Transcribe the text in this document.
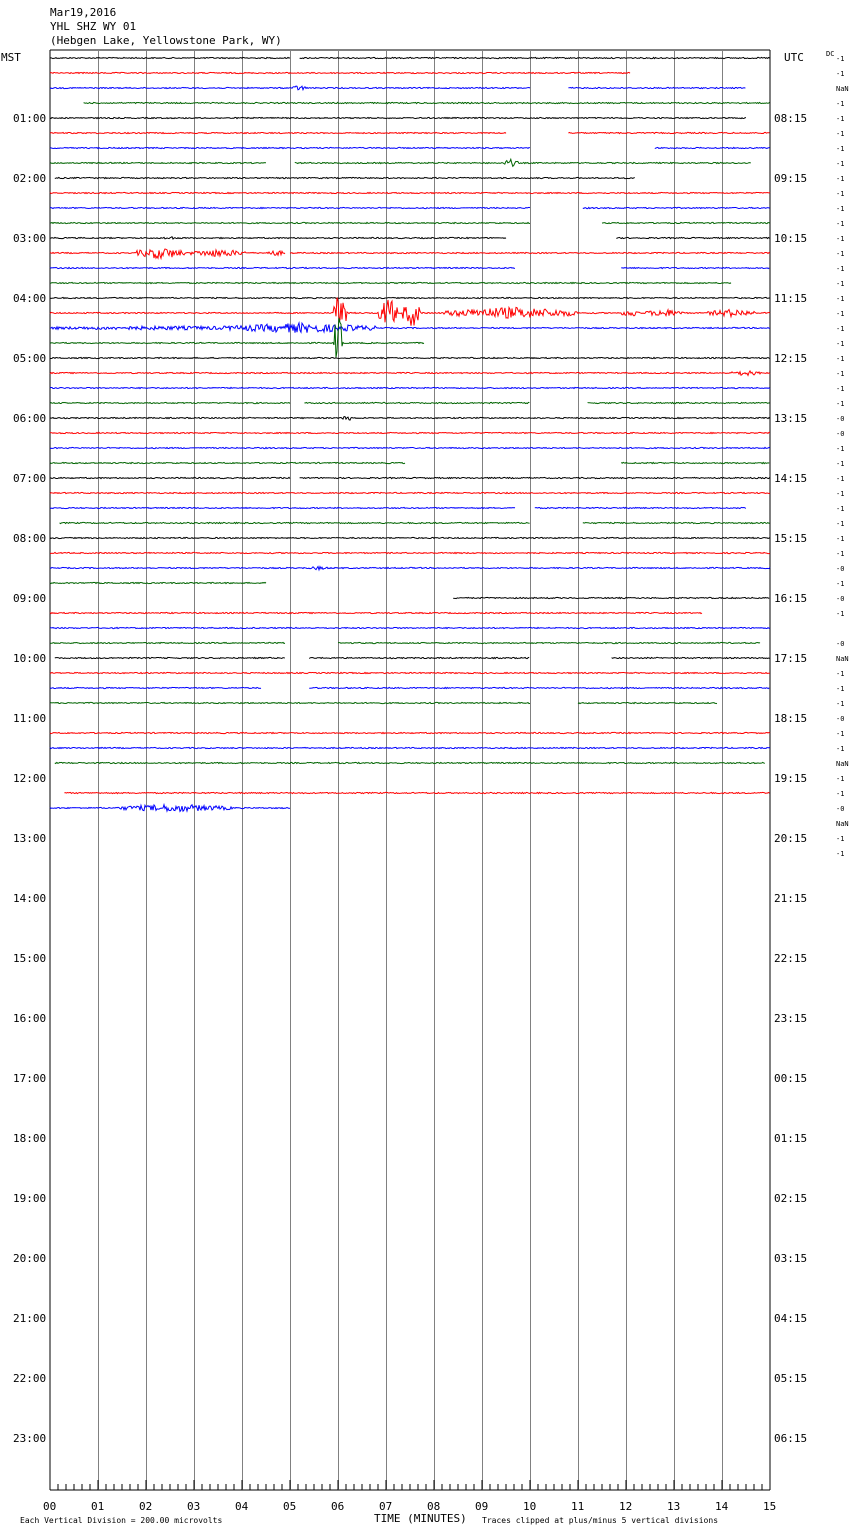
Mar19,2016
YHL SHZ WY 01
(Hebgen Lake, Yellowstone Park, WY)
MST	UTC	DC
TIME (MINUTES)
Each Vertical Division = 200.00 microvolts	Traces clipped at plus/minus 5 vertical divisions
00	01	02	03	04	05	06	07	08	09	10	11	12	13	14	15
01:00	08:15
02:00	09:15
03:00	10:15
04:00	11:15
05:00	12:15
06:00	13:15
07:00	14:15
08:00	15:15
09:00	16:15
10:00	17:15
11:00	18:15
12:00	19:15
13:00	20:15
14:00	21:15
15:00	22:15
16:00	23:15
17:00	00:15
18:00	01:15
19:00	02:15
20:00	03:15
21:00	04:15
22:00	05:15
23:00	06:15
-1
-1
NaN
-1
-1
-1
-1
-1
-1
-1
-1
-1
-1
-1
-1
-1
-1
-1
-1
-1
-1
-1
-1
-1
-0
-0
-1
-1
-1
-1
-1
-1
-1
-1
-0
-1
-0
-1
-0
NaN
-1
-1
-1
-0
-1
-1
NaN
-1
-1
-0
NaN
-1
-1
